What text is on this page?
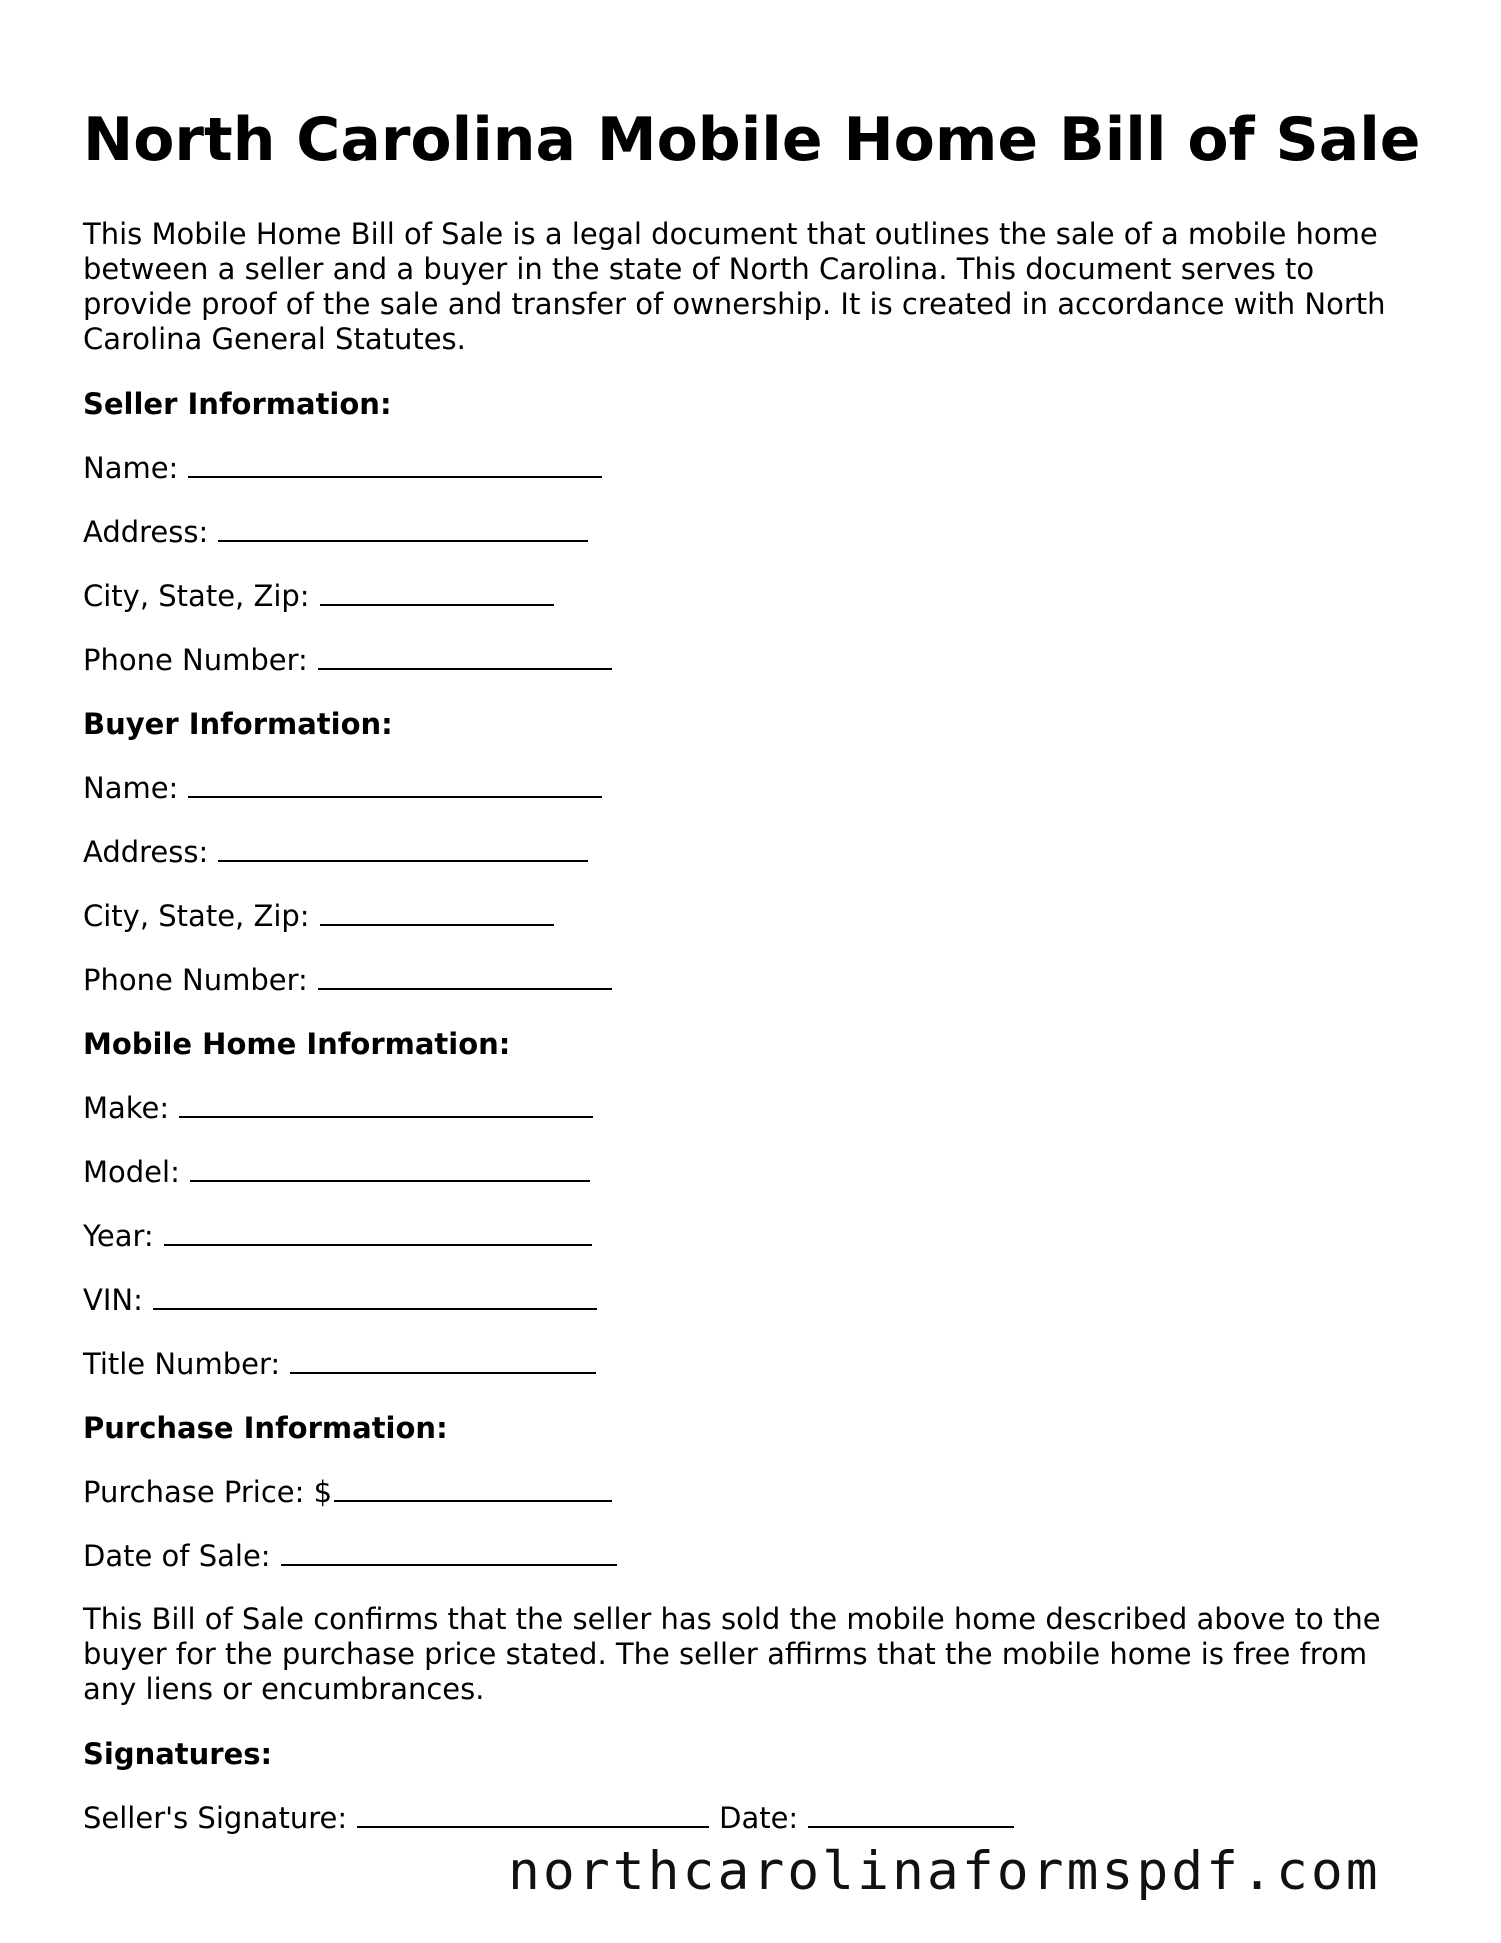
North Carolina Mobile Home Bill of Sale

This Mobile Home Bill of Sale is a legal document that outlines the sale of a mobile home between a seller and a buyer in the state of North Carolina. This document serves to provide proof of the sale and transfer of ownership. It is created in accordance with North Carolina General Statutes.

Seller Information:
Name:
Address:
City, State, Zip:
Phone Number:
Buyer Information:
Name:
Address:
City, State, Zip:
Phone Number:
Mobile Home Information:
Make:
Model:
Year:
VIN:
Title Number:
Purchase Information:
Purchase Price: $
Date of Sale:

This Bill of Sale confirms that the seller has sold the mobile home described above to the buyer for the purchase price stated. The seller affirms that the mobile home is free from any liens or encumbrances.

Signatures:
Seller's Signature:	Date:
northcarolinaformspdf.com
